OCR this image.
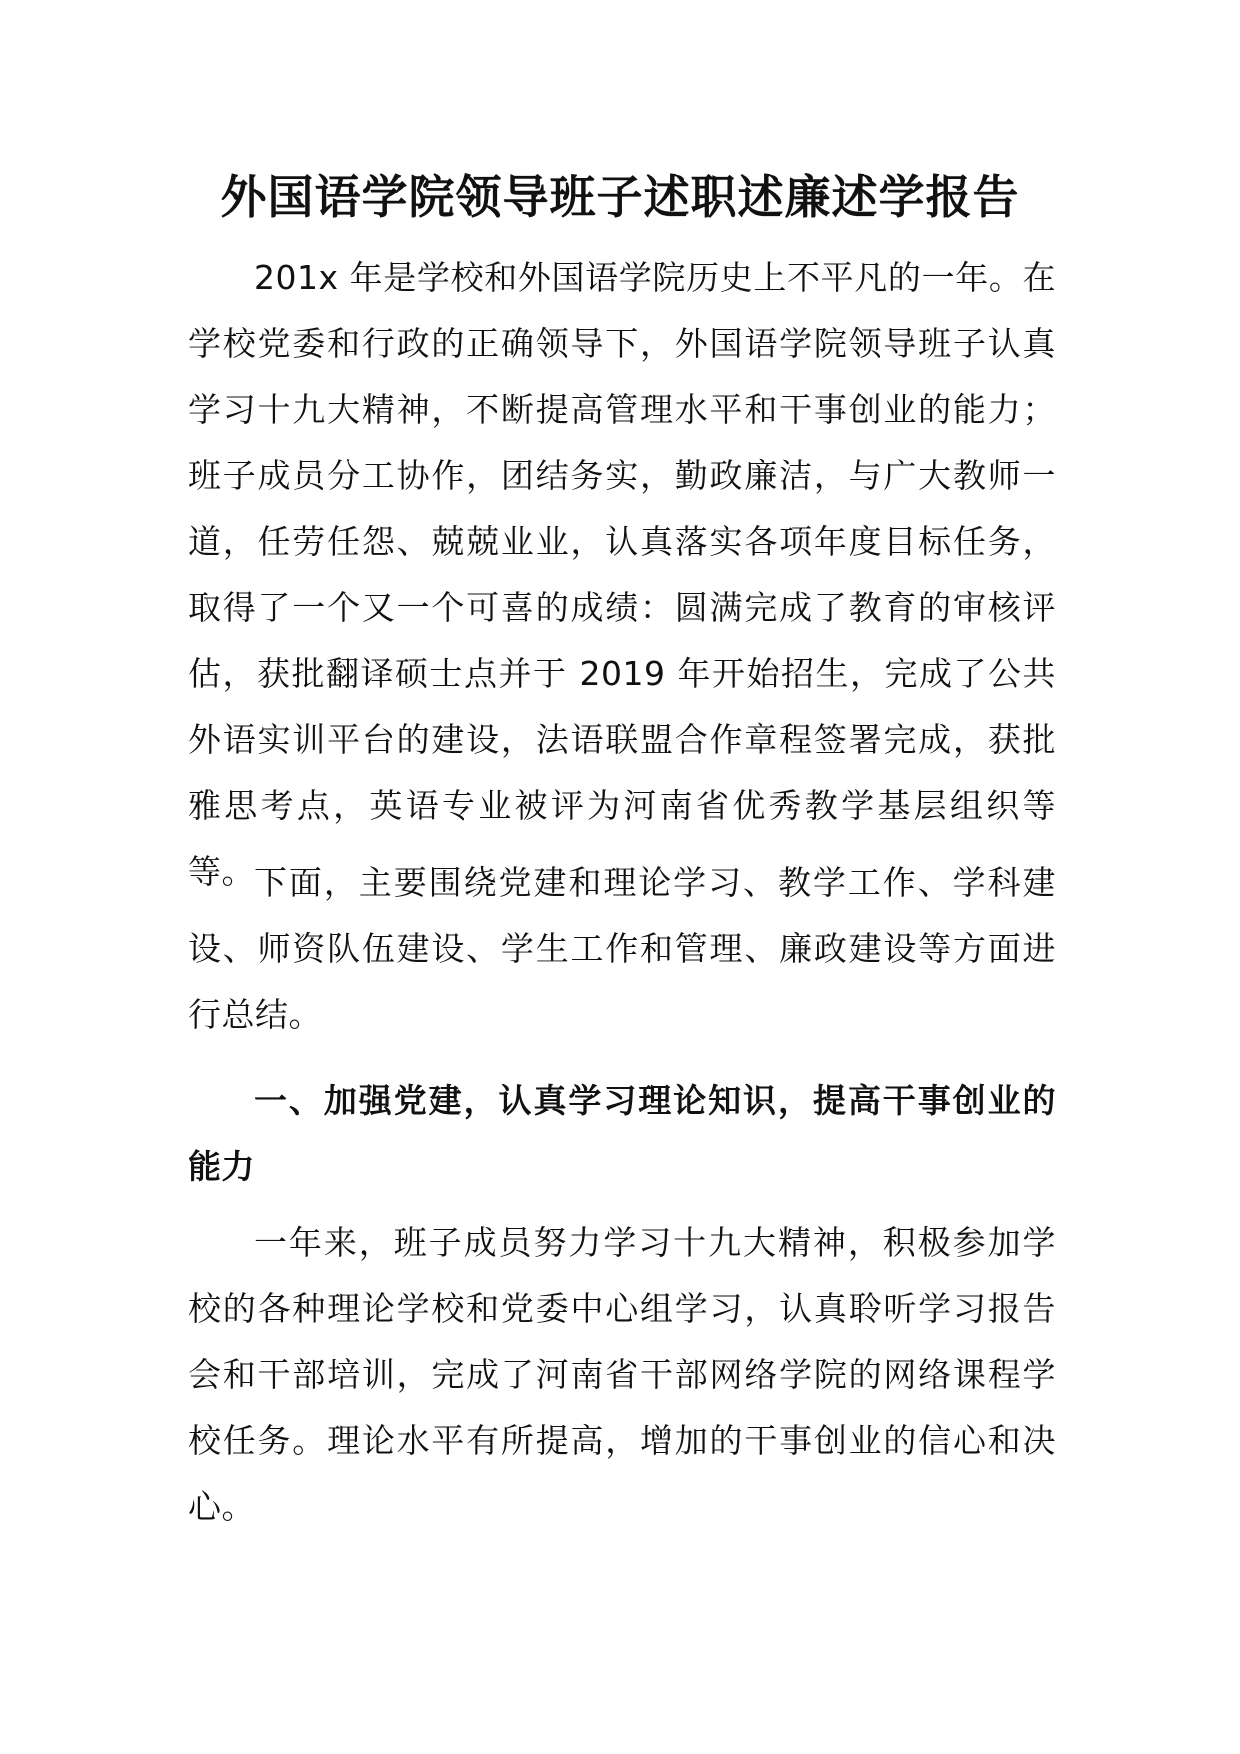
外国语学院领导班子述职述廉述学报告

201x 年是学校和外国语学院历史上不平凡的一年。在学校党委和行政的正确领导下，外国语学院领导班子认真学习十九大精神，不断提高管理水平和干事创业的能力；班子成员分工协作，团结务实，勤政廉洁，与广大教师一道，任劳任怨、兢兢业业，认真落实各项年度目标任务，取得了一个又一个可喜的成绩：圆满完成了教育的审核评估，获批翻译硕士点并于 2019 年开始招生，完成了公共外语实训平台的建设，法语联盟合作章程签署完成，获批雅思考点，英语专业被评为河南省优秀教学基层组织等等。 下面，主要围绕党建和理论学习、教学工作、学科建设、师资队伍建设、学生工作和管理、廉政建设等方面进行总结。

一、加强党建，认真学习理论知识，提高干事创业的能力

一年来，班子成员努力学习十九大精神，积极参加学校的各种理论学校和党委中心组学习，认真聆听学习报告会和干部培训，完成了河南省干部网络学院的网络课程学校任务。理论水平有所提高，增加的干事创业的信心和决心。
